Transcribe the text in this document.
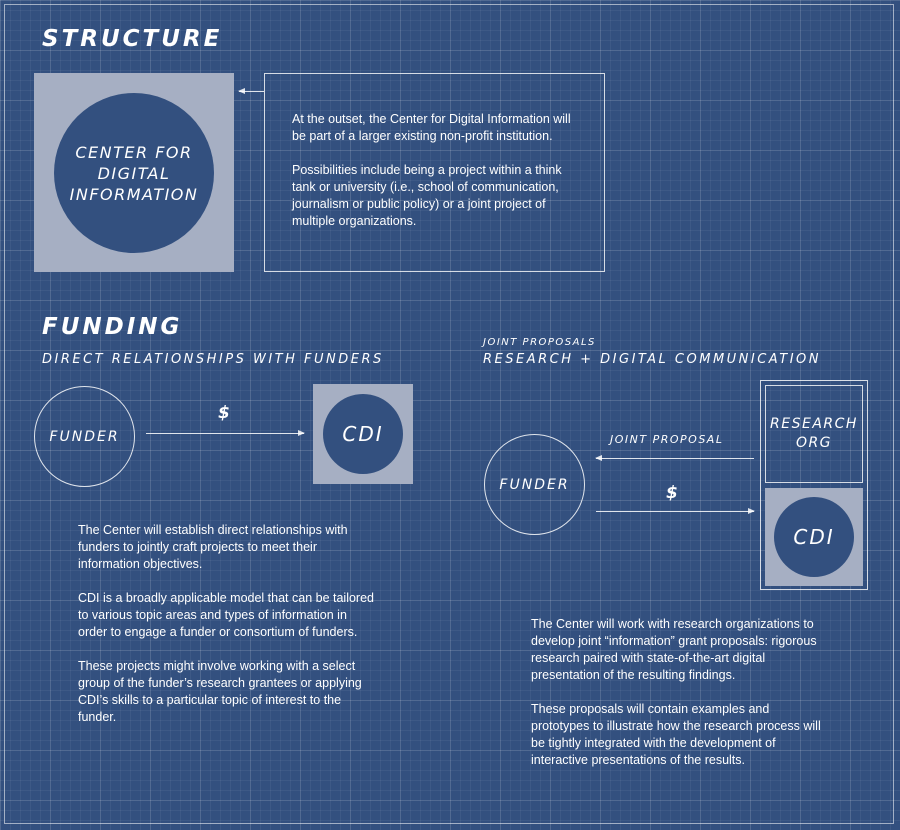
STRUCTURE
CENTER FOR DIGITAL INFORMATION

At the outset, the Center for Digital Information will be part of a larger existing non-profit institution.

Possibilities include being a project within a think tank or university (i.e., school of communication, journalism or public policy) or a joint project of multiple organizations.

FUNDING
DIRECT RELATIONSHIPS WITH FUNDERS
FUNDER
$
CDI

The Center will establish direct relationships with funders to jointly craft projects to meet their information objectives.

CDI is a broadly applicable model that can be tailored to various topic areas and types of information in order to engage a funder or consortium of funders.

These projects might involve working with a select group of the funder’s research grantees or applying CDI’s skills to a particular topic of interest to the funder.

JOINT PROPOSALS
RESEARCH + DIGITAL COMMUNICATION
FUNDER
JOINT PROPOSAL
$
RESEARCH ORG
CDI

The Center will work with research organizations to develop joint “information” grant proposals: rigorous research paired with state-of-the-art digital presentation of the resulting findings.

These proposals will contain examples and prototypes to illustrate how the research process will be tightly integrated with the development of interactive presentations of the results.
